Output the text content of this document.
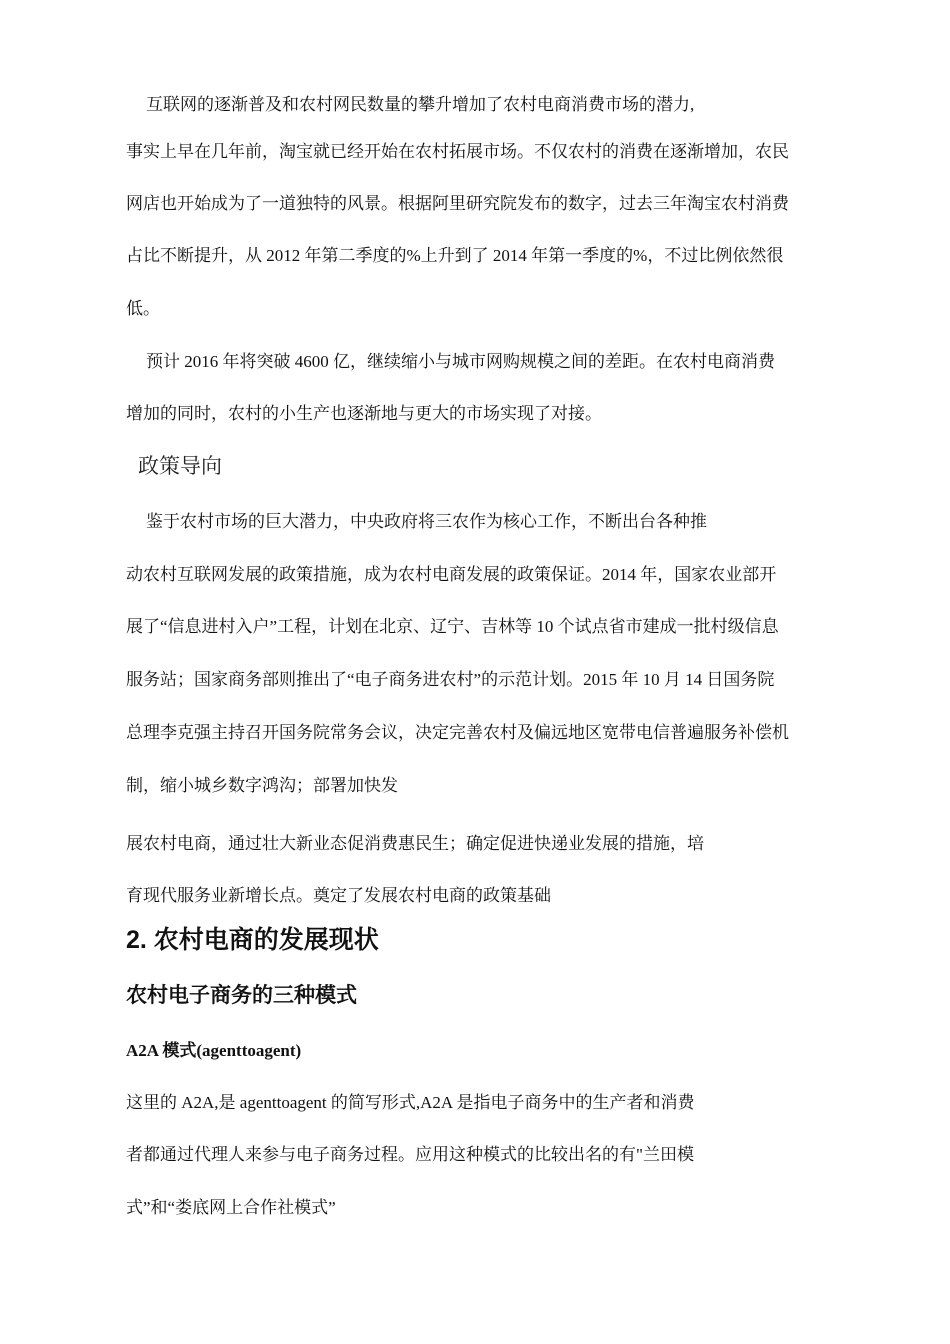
互联网的逐渐普及和农村网民数量的攀升增加了农村电商消费市场的潜力,
事实上早在几年前，淘宝就已经开始在农村拓展市场。不仅农村的消费在逐渐增加，农民
网店也开始成为了一道独特的风景。根据阿里研究院发布的数字，过去三年淘宝农村消费
占比不断提升，从 2012 年第二季度的%上升到了 2014 年第一季度的%，不过比例依然很
低。
预计 2016 年将突破 4600 亿，继续缩小与城市网购规模之间的差距。在农村电商消费
增加的同时，农村的小生产也逐渐地与更大的市场实现了对接。
政策导向
鉴于农村市场的巨大潜力，中央政府将三农作为核心工作，不断出台各种推
动农村互联网发展的政策措施，成为农村电商发展的政策保证。2014 年，国家农业部开
展了“信息进村入户”工程，计划在北京、辽宁、吉林等 10 个试点省市建成一批村级信息
服务站；国家商务部则推出了“电子商务进农村”的示范计划。2015 年 10 月 14 日国务院
总理李克强主持召开国务院常务会议，决定完善农村及偏远地区宽带电信普遍服务补偿机
制，缩小城乡数字鸿沟；部署加快发
展农村电商，通过壮大新业态促消费惠民生；确定促进快递业发展的措施，培
育现代服务业新增长点。奠定了发展农村电商的政策基础
2. 农村电商的发展现状
农村电子商务的三种模式
A2A 模式(agenttoagent)
这里的 A2A,是 agenttoagent 的简写形式,A2A 是指电子商务中的生产者和消费
者都通过代理人来参与电子商务过程。应用这种模式的比较出名的有"兰田模
式”和“娄底网上合作社模式”
